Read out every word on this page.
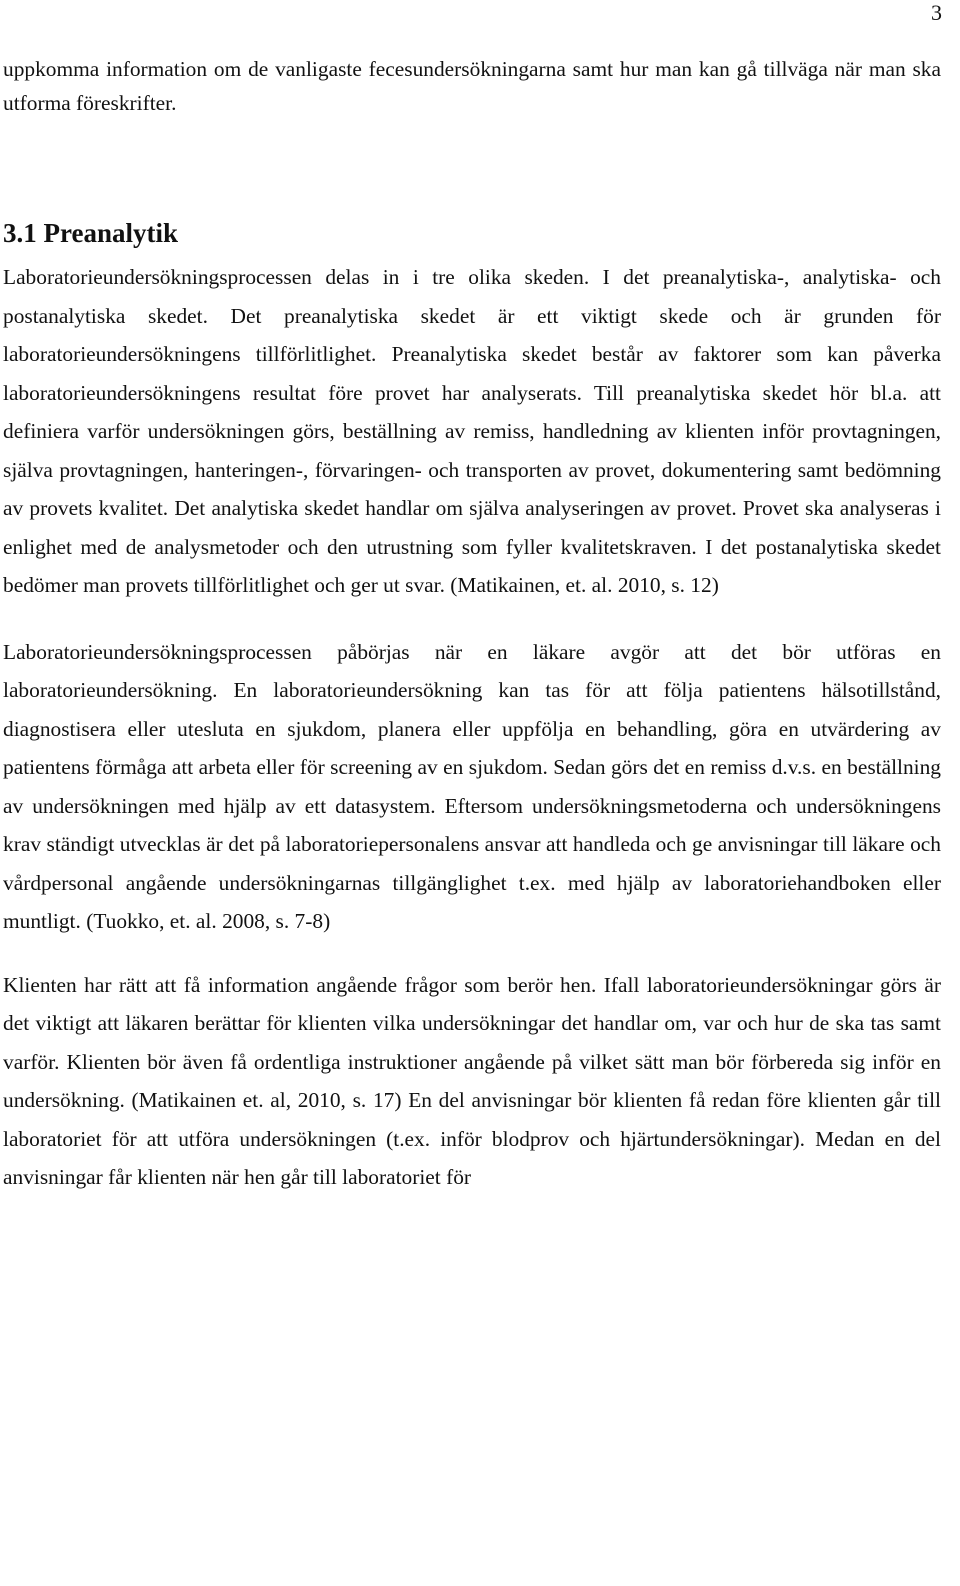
3

uppkomma information om de vanligaste fecesundersökningarna samt hur man kan gå tillväga när man ska utforma föreskrifter.

3.1 Preanalytik

Laboratorieundersökningsprocessen delas in i tre olika skeden. I det preanalytiska-, analytiska- och postanalytiska skedet. Det preanalytiska skedet är ett viktigt skede och är grunden för laboratorieundersökningens tillförlitlighet. Preanalytiska skedet består av faktorer som kan påverka laboratorieundersökningens resultat före provet har analyserats. Till preanalytiska skedet hör bl.a. att definiera varför undersökningen görs, beställning av remiss, handledning av klienten inför provtagningen, själva provtagningen, hanteringen-, förvaringen- och transporten av provet, dokumentering samt bedömning av provets kvalitet. Det analytiska skedet handlar om själva analyseringen av provet. Provet ska analyseras i enlighet med de analysmetoder och den utrustning som fyller kvalitetskraven. I det postanalytiska skedet bedömer man provets tillförlitlighet och ger ut svar. (Matikainen, et. al. 2010, s. 12)

Laboratorieundersökningsprocessen påbörjas när en läkare avgör att det bör utföras en laboratorieundersökning. En laboratorieundersökning kan tas för att följa patientens hälsotillstånd, diagnostisera eller utesluta en sjukdom, planera eller uppföljа en behandling, göra en utvärdering av patientens förmåga att arbeta eller för screening av en sjukdom. Sedan görs det en remiss d.v.s. en beställning av undersökningen med hjälp av ett datasystem. Eftersom undersökningsmetoderna och undersökningens krav ständigt utvecklas är det på laboratoriepersonalens ansvar att handleda och ge anvisningar till läkare och vårdpersonal angående undersökningarnas tillgänglighet t.ex. med hjälp av laboratoriehandboken eller muntligt. (Tuokko, et. al. 2008, s. 7-8)

Klienten har rätt att få information angående frågor som berör hen. Ifall laboratorieundersökningar görs är det viktigt att läkaren berättar för klienten vilka undersökningar det handlar om, var och hur de ska tas samt varför. Klienten bör även få ordentliga instruktioner angående på vilket sätt man bör förbereda sig inför en undersökning. (Matikainen et. al, 2010, s. 17) En del anvisningar bör klienten få redan före klienten går till laboratoriet för att utföra undersökningen (t.ex. inför blodprov och hjärtundersökningar). Medan en del anvisningar får klienten när hen går till laboratoriet för
